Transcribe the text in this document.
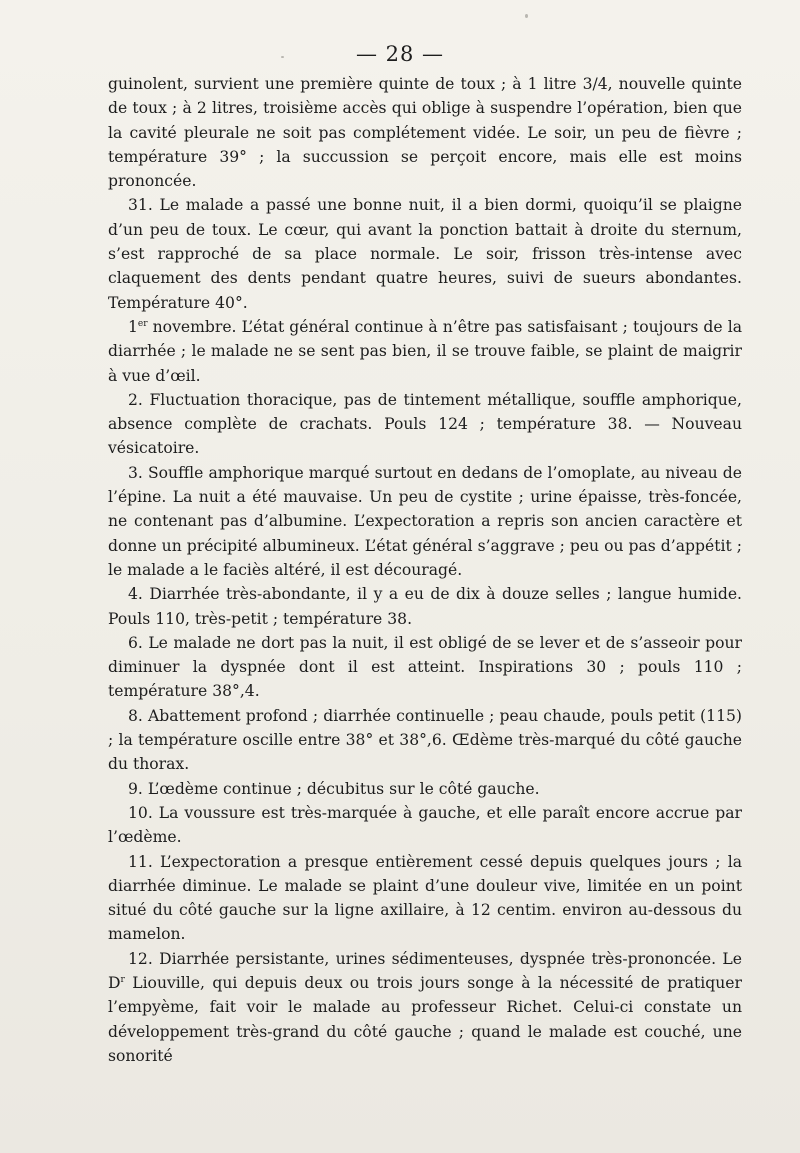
— 28 —

guinolent, survient une première quinte de toux ; à 1 litre 3/4, nouvelle quinte de toux ; à 2 litres, troisième accès qui oblige à suspendre l’opération, bien que la cavité pleurale ne soit pas complétement vidée. Le soir, un peu de fièvre ; température 39° ; la succussion se perçoit encore, mais elle est moins prononcée.

31. Le malade a passé une bonne nuit, il a bien dormi, quoiqu’il se plaigne d’un peu de toux. Le cœur, qui avant la ponction battait à droite du sternum, s’est rapproché de sa place normale. Le soir, frisson très-intense avec claquement des dents pendant quatre heures, suivi de sueurs abondantes. Température 40°.

1er novembre. L’état général continue à n’être pas satisfaisant ; toujours de la diarrhée ; le malade ne se sent pas bien, il se trouve faible, se plaint de maigrir à vue d’œil.

2. Fluctuation thoracique, pas de tintement métallique, souffle amphorique, absence complète de crachats. Pouls 124 ; température 38. — Nouveau vésicatoire.

3. Souffle amphorique marqué surtout en dedans de l’omoplate, au niveau de l’épine. La nuit a été mauvaise. Un peu de cystite ; urine épaisse, très-foncée, ne contenant pas d’albumine. L’expectoration a repris son ancien caractère et donne un précipité albumineux. L’état général s’aggrave ; peu ou pas d’appétit ; le malade a le faciès altéré, il est découragé.

4. Diarrhée très-abondante, il y a eu de dix à douze selles ; langue humide. Pouls 110, très-petit ; température 38.

6. Le malade ne dort pas la nuit, il est obligé de se lever et de s’asseoir pour diminuer la dyspnée dont il est atteint. Inspirations 30 ; pouls 110 ; température 38°,4.

8. Abattement profond ; diarrhée continuelle ; peau chaude, pouls petit (115) ; la température oscille entre 38° et 38°,6. Œdème très-marqué du côté gauche du thorax.

9. L’œdème continue ; décubitus sur le côté gauche.

10. La voussure est très-marquée à gauche, et elle paraît encore accrue par l’œdème.

11. L’expectoration a presque entièrement cessé depuis quelques jours ; la diarrhée diminue. Le malade se plaint d’une douleur vive, limitée en un point situé du côté gauche sur la ligne axillaire, à 12 centim. environ au-dessous du mamelon.

12. Diarrhée persistante, urines sédimenteuses, dyspnée très-prononcée. Le $D^r$ Liouville, qui depuis deux ou trois jours songe à la nécessité de pratiquer l’empyème, fait voir le malade au professeur Richet. Celui-ci constate un développement très-grand du côté gauche ; quand le malade est couché, une sonorité
